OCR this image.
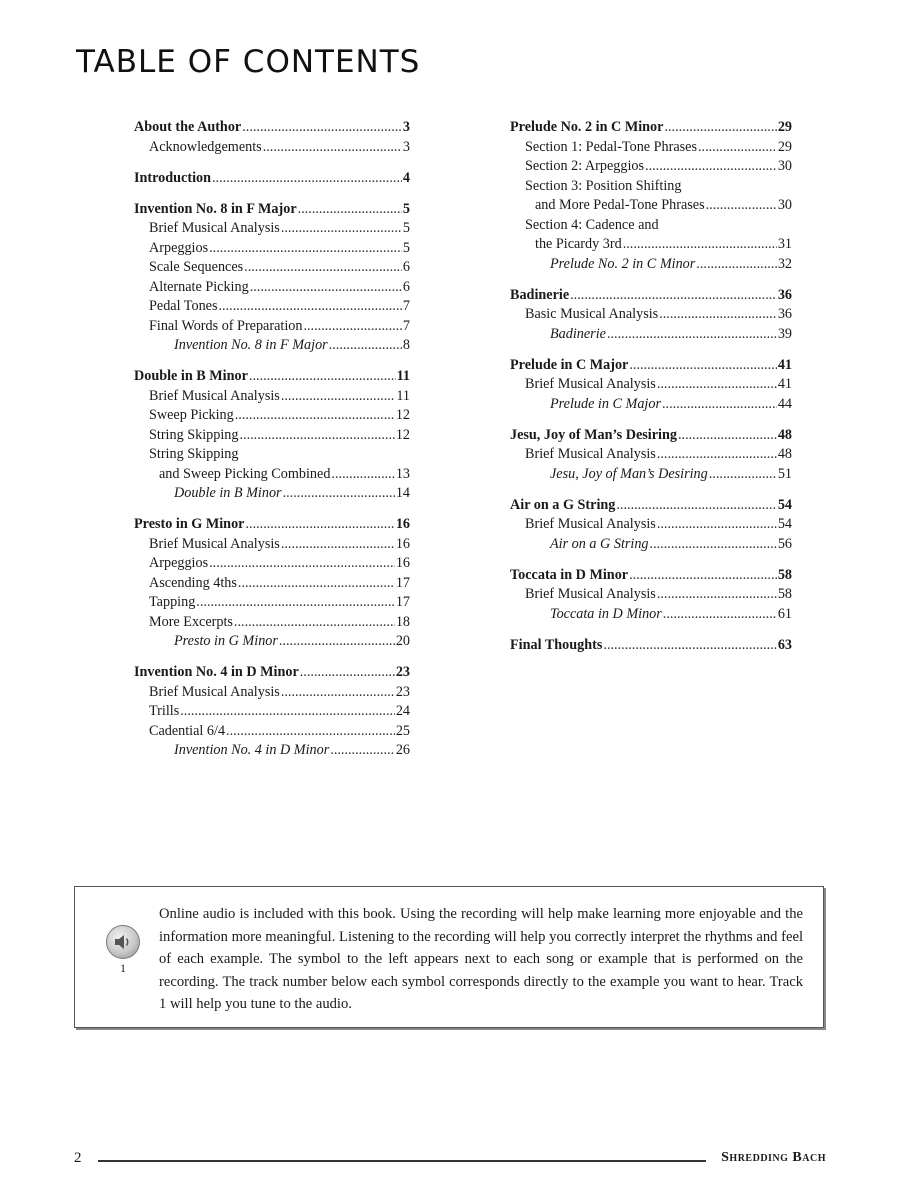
TABLE OF CONTENTS
About the Author .....	3
Acknowledgements .....	3
Introduction .....	4
Invention No. 8 in F Major .....	5
Brief Musical Analysis .....	5
Arpeggios .....	5
Scale Sequences .....	6
Alternate Picking .....	6
Pedal Tones .....	7
Final Words of Preparation .....	7
Invention No. 8 in F Major .....	8
Double in B Minor .....	11
Brief Musical Analysis .....	11
Sweep Picking .....	12
String Skipping .....	12
String Skipping
and Sweep Picking Combined .....	13
Double in B Minor .....	14
Presto in G Minor .....	16
Brief Musical Analysis .....	16
Arpeggios .....	16
Ascending 4ths .....	17
Tapping .....	17
More Excerpts .....	18
Presto in G Minor .....	20
Invention No. 4 in D Minor .....	23
Brief Musical Analysis .....	23
Trills .....	24
Cadential 6/4 .....	25
Invention No. 4 in D Minor .....	26
Prelude No. 2 in C Minor .....	29
Section 1: Pedal-Tone Phrases .....	29
Section 2: Arpeggios .....	30
Section 3: Position Shifting
and More Pedal-Tone Phrases .....	30
Section 4: Cadence and
the Picardy 3rd .....	31
Prelude No. 2 in C Minor .....	32
Badinerie .....	36
Basic Musical Analysis .....	36
Badinerie .....	39
Prelude in C Major .....	41
Brief Musical Analysis .....	41
Prelude in C Major .....	44
Jesu, Joy of Man’s Desiring .....	48
Brief Musical Analysis .....	48
Jesu, Joy of Man’s Desiring .....	51
Air on a G String .....	54
Brief Musical Analysis .....	54
Air on a G String .....	56
Toccata in D Minor .....	58
Brief Musical Analysis .....	58
Toccata in D Minor .....	61
Final Thoughts .....	63
1

Online audio is included with this book. Using the recording will help make learning more enjoyable and the information more meaningful. Listening to the recording will help you correctly interpret the rhythms and feel of each example. The symbol to the left appears next to each song or example that is performed on the recording. The track number below each symbol corresponds directly to the example you want to hear. Track 1 will help you tune to the audio.

2	Shredding Bach
